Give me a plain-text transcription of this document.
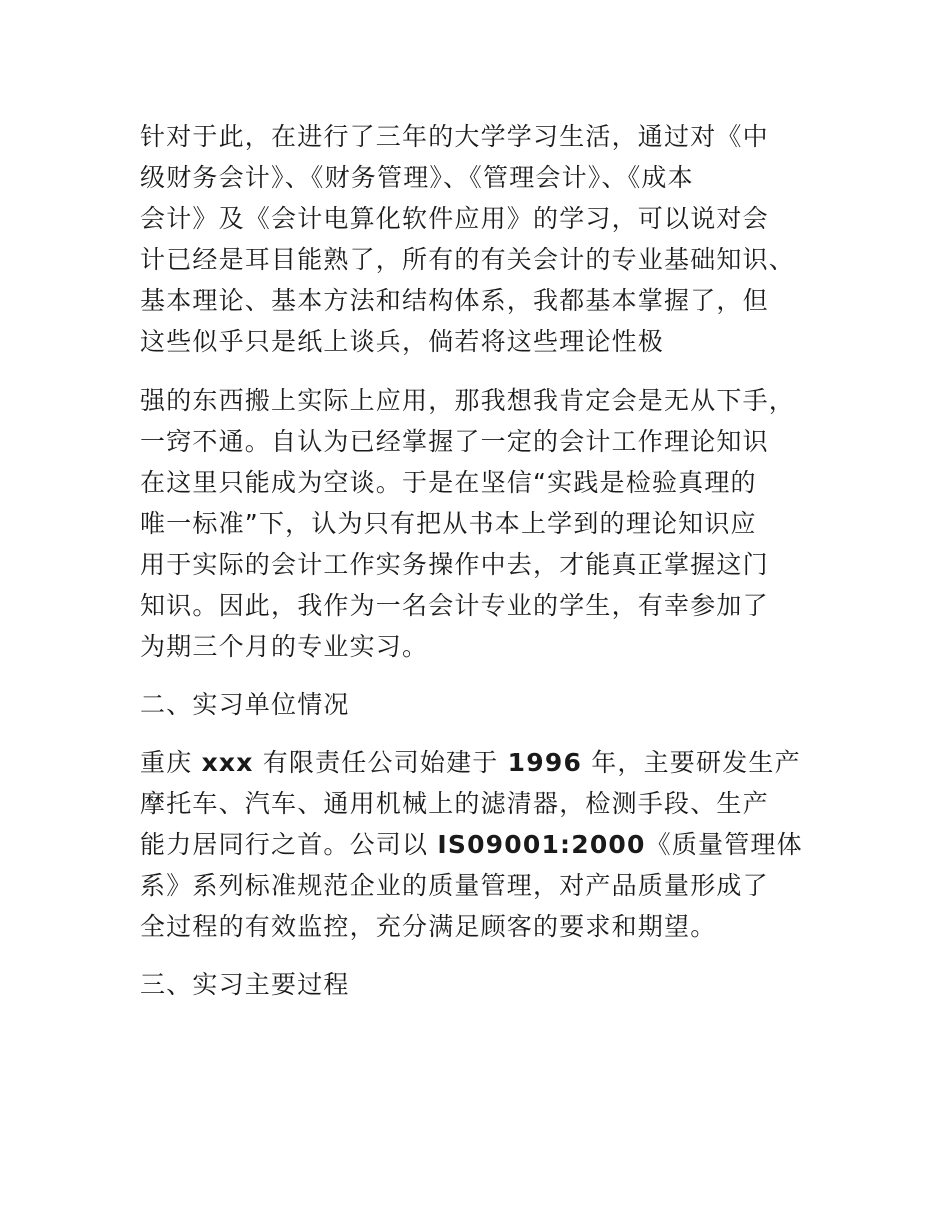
针对于此，在进行了三年的大学学习生活，通过对《中
级财务会计》、《财务管理》、《管理会计》、《成本
会计》及《会计电算化软件应用》的学习，可以说对会
计已经是耳目能熟了，所有的有关会计的专业基础知识、
基本理论、基本方法和结构体系，我都基本掌握了，但
这些似乎只是纸上谈兵，倘若将这些理论性极
强的东西搬上实际上应用，那我想我肯定会是无从下手，
一窍不通。自认为已经掌握了一定的会计工作理论知识
在这里只能成为空谈。于是在坚信“实践是检验真理的
唯一标准”下，认为只有把从书本上学到的理论知识应
用于实际的会计工作实务操作中去，才能真正掌握这门
知识。因此，我作为一名会计专业的学生，有幸参加了
为期三个月的专业实习。
二、实习单位情况
重庆 xxx 有限责任公司始建于 1996 年，主要研发生产
摩托车、汽车、通用机械上的滤清器，检测手段、生产
能力居同行之首。公司以 IS09001:2000《质量管理体
系》系列标准规范企业的质量管理，对产品质量形成了
全过程的有效监控，充分满足顾客的要求和期望。
三、实习主要过程
